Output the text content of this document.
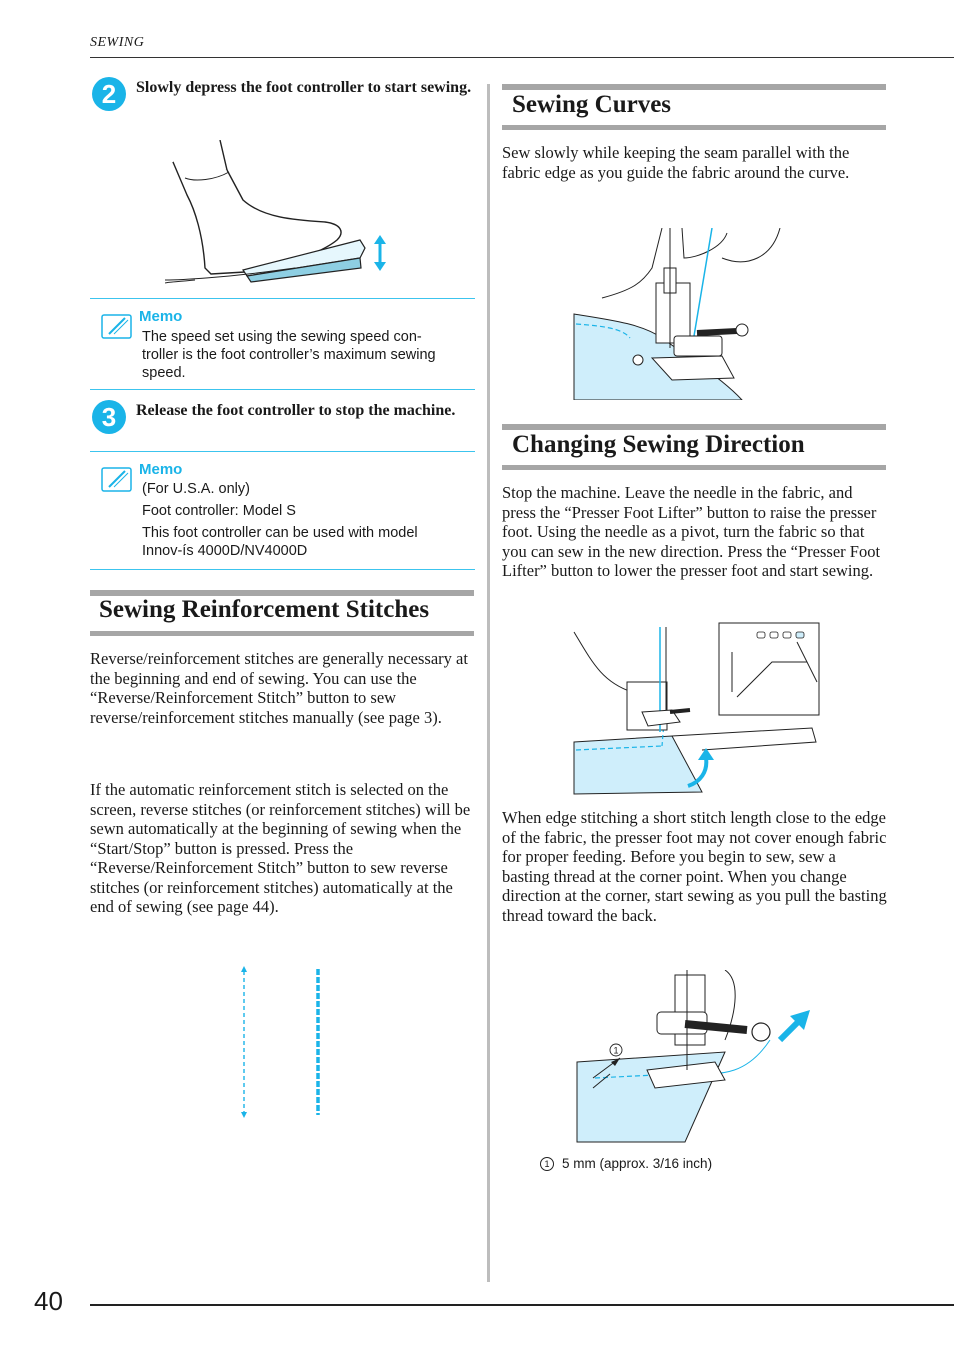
SEWING
2	Slowly depress the foot controller to start sewing.
Memo
The speed set using the sewing speed con-
troller is the foot controller’s maximum sewing
speed.
3	Release the foot controller to stop the machine.
Memo
(For U.S.A. only)
Foot controller: Model S
This foot controller can be used with model Innov-ís 4000D/NV4000D
Sewing Reinforcement Stitches
Reverse/reinforcement stitches are generally necessary at the beginning and end of sewing. You can use the “Reverse/Reinforcement Stitch” button to sew reverse/reinforcement stitches manually (see page 3).
If the automatic reinforcement stitch is selected on the screen, reverse stitches (or reinforcement stitches) will be sewn automatically at the beginning of sewing when the “Start/Stop” button is pressed. Press the “Reverse/Reinforcement Stitch” button to sew reverse stitches (or reinforcement stitches) automatically at the end of sewing (see page 44).
Sewing Curves
Sew slowly while keeping the seam parallel with the fabric edge as you guide the fabric around the curve.
Changing Sewing Direction
Stop the machine. Leave the needle in the fabric, and press the “Presser Foot Lifter” button to raise the presser foot. Using the needle as a pivot, turn the fabric so that you can sew in the new direction. Press the “Presser Foot Lifter” button to lower the presser foot and start sewing.
When edge stitching a short stitch length close to the edge of the fabric, the presser foot may not cover enough fabric for proper feeding. Before you begin to sew, sew a basting thread at the corner point. When you change direction at the corner, start sewing as you pull the basting thread toward the back.
1
1 5 mm (approx. 3/16 inch)
40
